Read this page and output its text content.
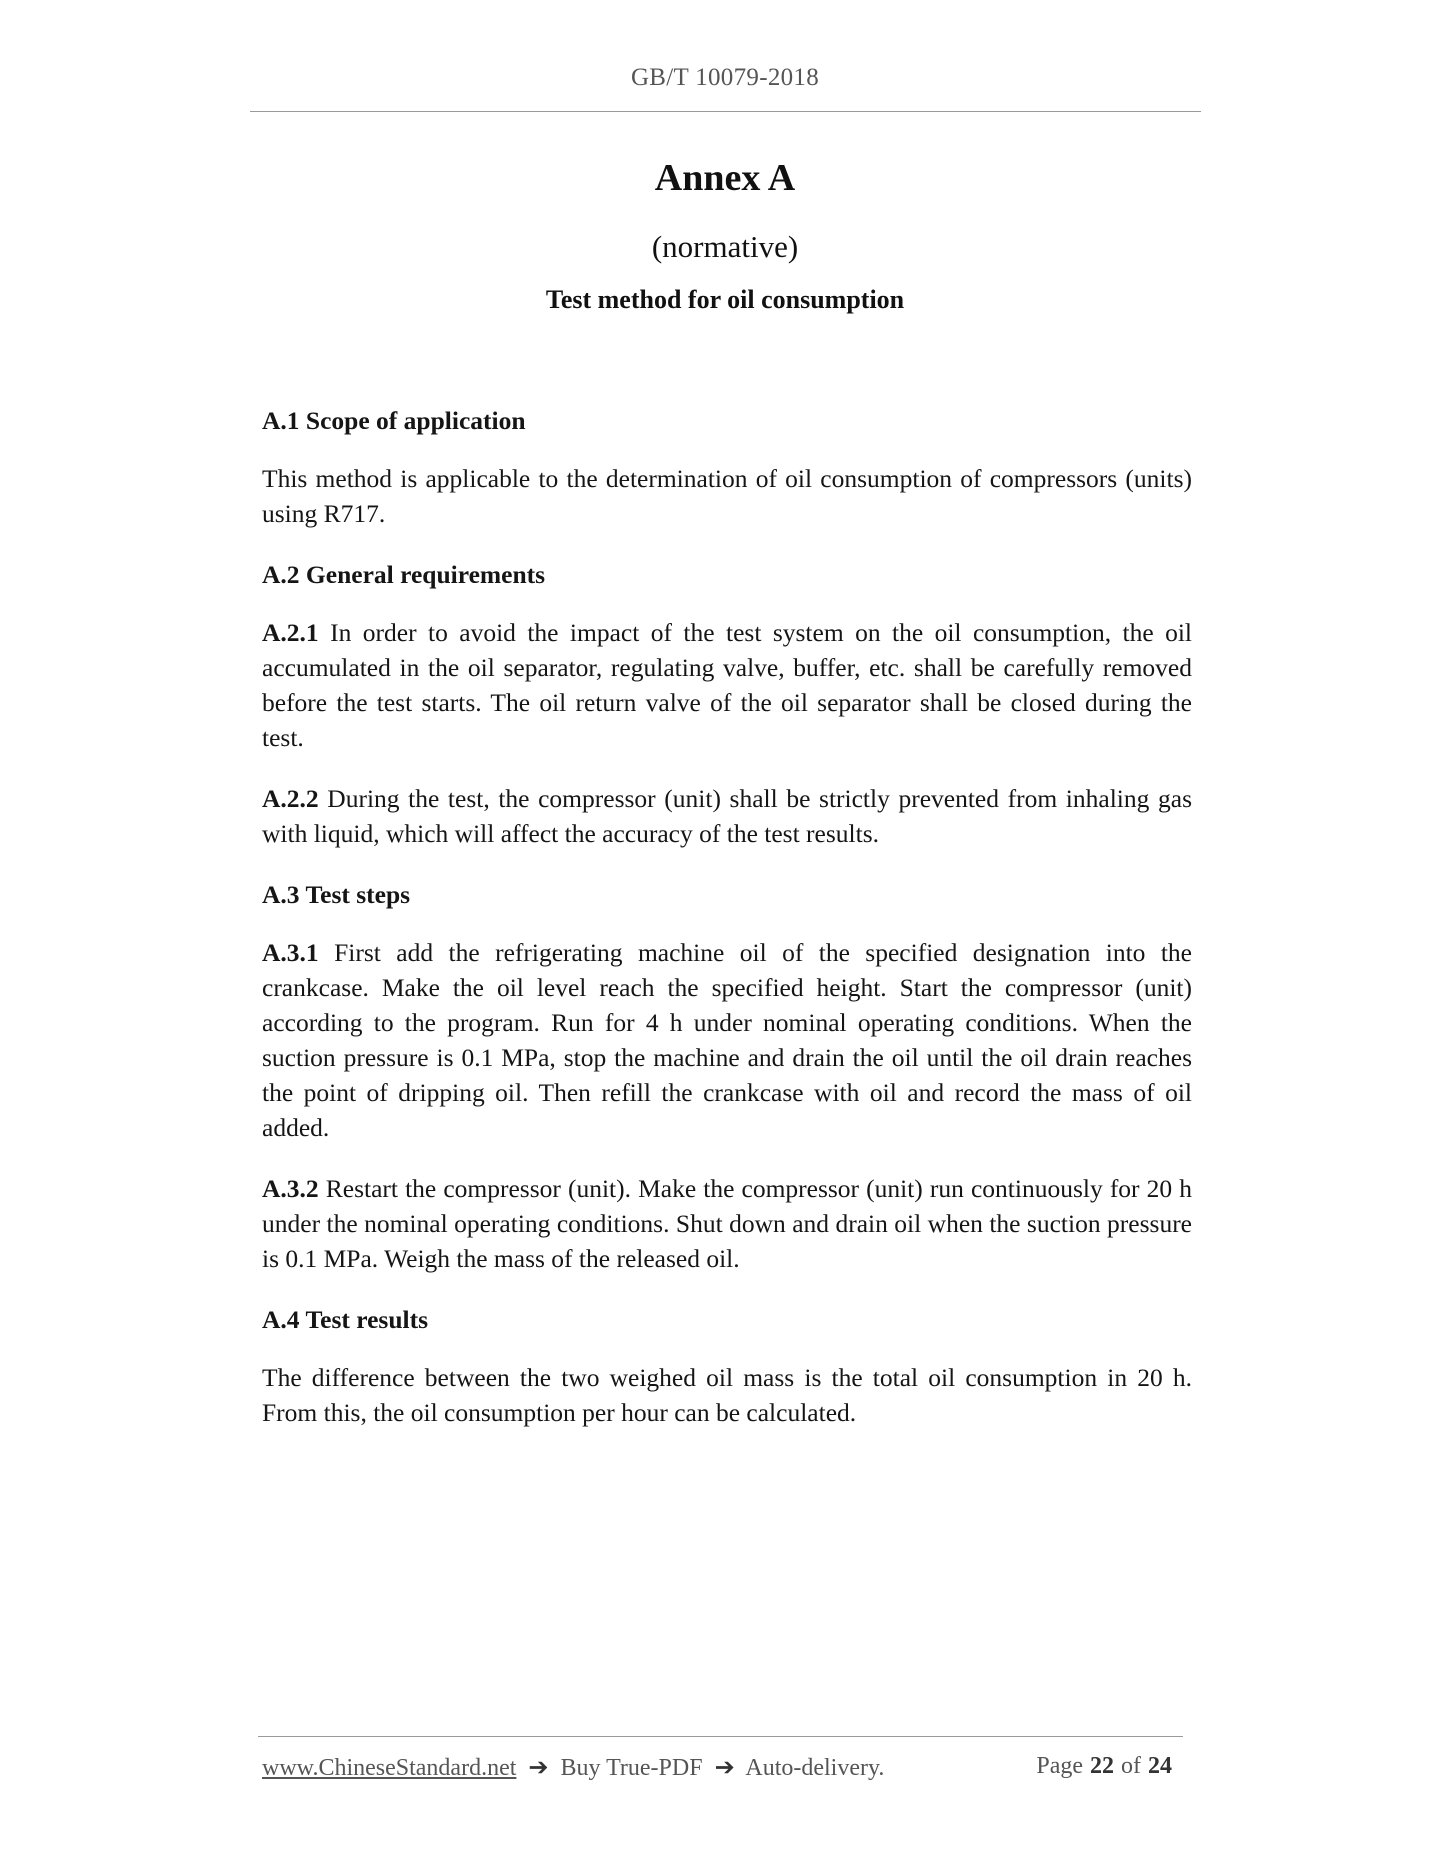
GB/T 10079-2018
Annex A
(normative)
Test method for oil consumption
A.1 Scope of application

This method is applicable to the determination of oil consumption of compressors (units) using R717.

A.2 General requirements

A.2.1 In order to avoid the impact of the test system on the oil consumption, the oil accumulated in the oil separator, regulating valve, buffer, etc. shall be carefully removed before the test starts. The oil return valve of the oil separator shall be closed during the test.

A.2.2 During the test, the compressor (unit) shall be strictly prevented from inhaling gas with liquid, which will affect the accuracy of the test results.

A.3 Test steps

A.3.1 First add the refrigerating machine oil of the specified designation into the crankcase. Make the oil level reach the specified height. Start the compressor (unit) according to the program. Run for 4 h under nominal operating conditions. When the suction pressure is 0.1 MPa, stop the machine and drain the oil until the oil drain reaches the point of dripping oil. Then refill the crankcase with oil and record the mass of oil added.

A.3.2 Restart the compressor (unit). Make the compressor (unit) run continuously for 20 h under the nominal operating conditions. Shut down and drain oil when the suction pressure is 0.1 MPa. Weigh the mass of the released oil.

A.4 Test results

The difference between the two weighed oil mass is the total oil consumption in 20 h. From this, the oil consumption per hour can be calculated.

www.ChineseStandard.net ➔ Buy True-PDF ➔ Auto-delivery.	Page 22 of 24
